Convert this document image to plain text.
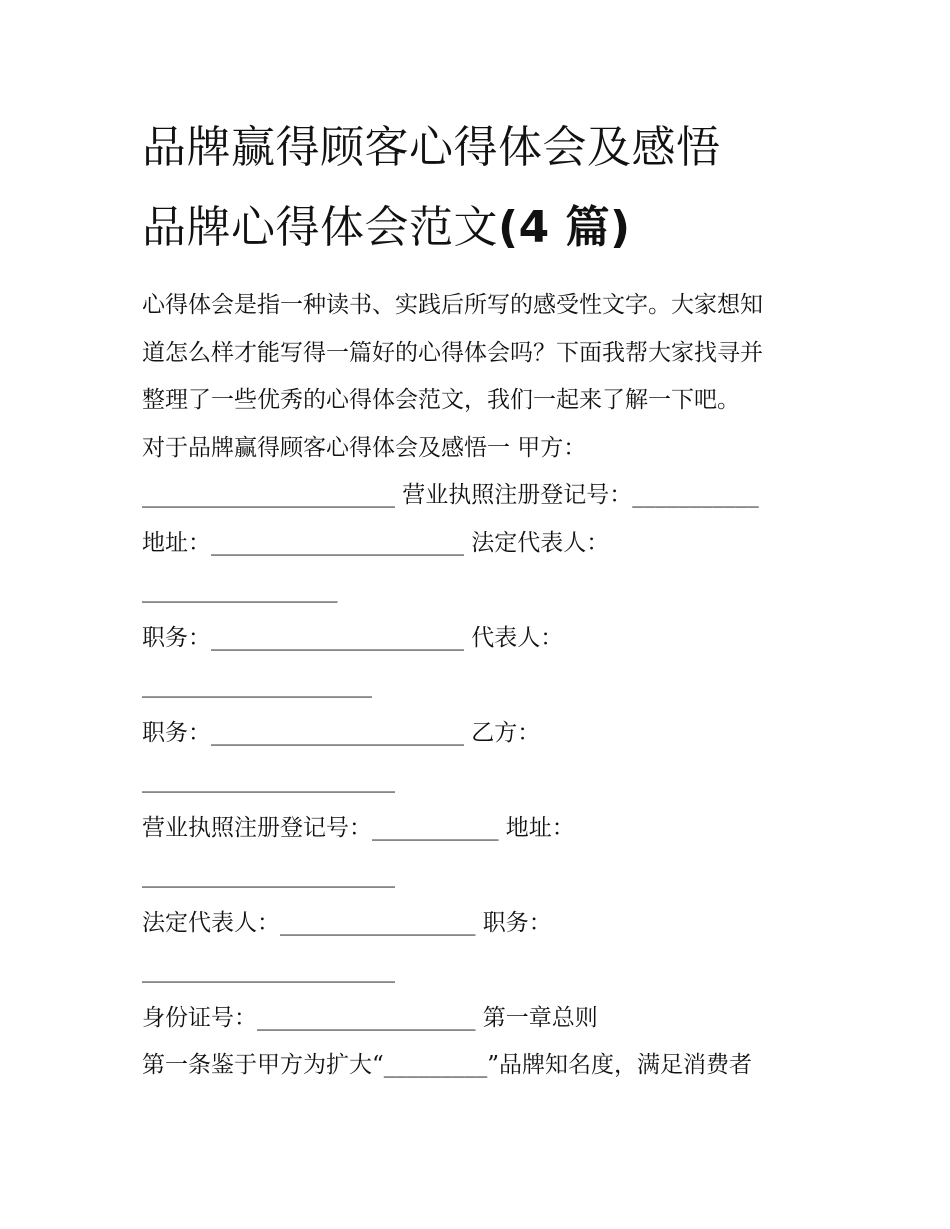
品牌赢得顾客心得体会及感悟
品牌心得体会范文(4 篇)
心得体会是指一种读书、实践后所写的感受性文字。大家想知
道怎么样才能写得一篇好的心得体会吗？下面我帮大家找寻并
整理了一些优秀的心得体会范文，我们一起来了解一下吧。
对于品牌赢得顾客心得体会及感悟一 甲方：
______________________ 营业执照注册登记号：___________
地址：______________________ 法定代表人：
_________________
职务：______________________ 代表人：
____________________
职务：______________________ 乙方：
______________________
营业执照注册登记号：___________ 地址：
______________________
法定代表人：_________________ 职务：
______________________
身份证号：___________________ 第一章总则
第一条鉴于甲方为扩大“_________”品牌知名度，满足消费者
